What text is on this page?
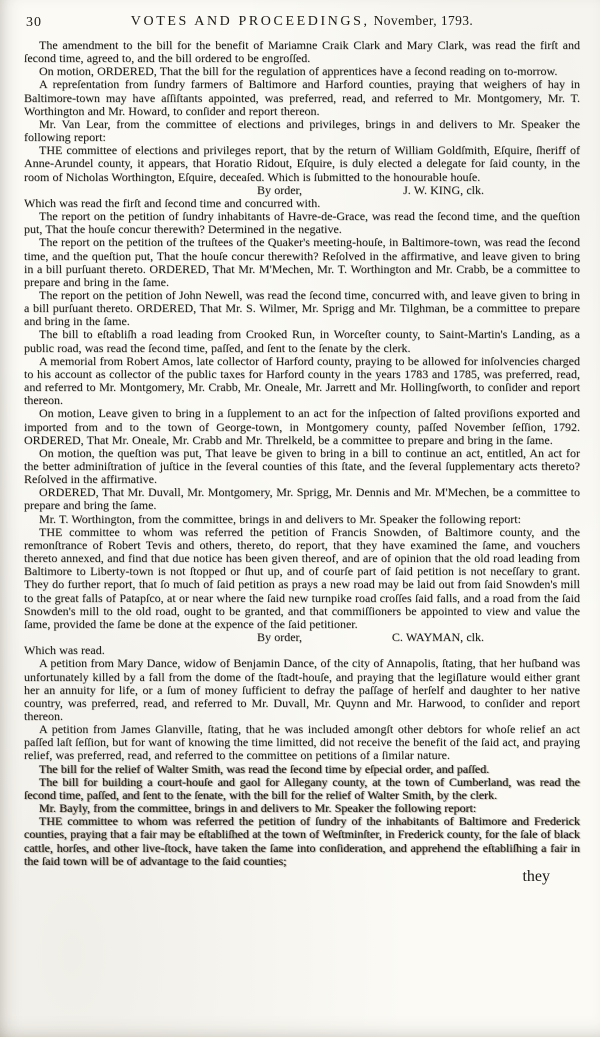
30	VOTES AND PROCEEDINGS, November, 1793.

The amendment to the bill for the benefit of Mariamne Craik Clark and Mary Clark, was read the firſt and ſecond time, agreed to, and the bill ordered to be engroſſed.

On motion, ORDERED, That the bill for the regulation of apprentices have a ſecond reading on to-morrow.

A repreſentation from ſundry farmers of Baltimore and Harford counties, praying that weighers of hay in Baltimore-town may have aſſiſtants appointed, was preferred, read, and referred to Mr. Montgomery, Mr. T. Worthington and Mr. Howard, to conſider and report thereon.

Mr. Van Lear, from the committee of elections and privileges, brings in and delivers to Mr. Speaker the following report:

THE committee of elections and privileges report, that by the return of William Goldſmith, Eſquire, ſheriff of Anne-Arundel county, it appears, that Horatio Ridout, Eſquire, is duly elected a delegate for ſaid county, in the room of Nicholas Worthington, Eſquire, deceaſed. Which is ſubmitted to the honourable houſe.

By order,	J. W. KING, clk.

Which was read the firſt and ſecond time and concurred with.

The report on the petition of ſundry inhabitants of Havre-de-Grace, was read the ſecond time, and the queſtion put, That the houſe concur therewith? Determined in the negative.

The report on the petition of the truſtees of the Quaker's meeting-houſe, in Baltimore-town, was read the ſecond time, and the queſtion put, That the houſe concur therewith? Reſolved in the affirmative, and leave given to bring in a bill purſuant thereto. ORDERED, That Mr. M'Mechen, Mr. T. Worthington and Mr. Crabb, be a committee to prepare and bring in the ſame.

The report on the petition of John Newell, was read the ſecond time, concurred with, and leave given to bring in a bill purſuant thereto. ORDERED, That Mr. S. Wilmer, Mr. Sprigg and Mr. Tilghman, be a committee to prepare and bring in the ſame.

The bill to eſtabliſh a road leading from Crooked Run, in Worceſter county, to Saint-Martin's Landing, as a public road, was read the ſecond time, paſſed, and ſent to the ſenate by the clerk.

A memorial from Robert Amos, late collector of Harford county, praying to be allowed for inſolvencies charged to his account as collector of the public taxes for Harford county in the years 1783 and 1785, was preferred, read, and referred to Mr. Montgomery, Mr. Crabb, Mr. Oneale, Mr. Jarrett and Mr. Hollingſworth, to conſider and report thereon.

On motion, Leave given to bring in a ſupplement to an act for the inſpection of ſalted proviſions exported and imported from and to the town of George-town, in Montgomery county, paſſed November ſeſſion, 1792. ORDERED, That Mr. Oneale, Mr. Crabb and Mr. Threlkeld, be a committee to prepare and bring in the ſame.

On motion, the queſtion was put, That leave be given to bring in a bill to continue an act, entitled, An act for the better adminiſtration of juſtice in the ſeveral counties of this ſtate, and the ſeveral ſupplementary acts thereto? Reſolved in the affirmative.

ORDERED, That Mr. Duvall, Mr. Montgomery, Mr. Sprigg, Mr. Dennis and Mr. M'Mechen, be a committee to prepare and bring the ſame.

Mr. T. Worthington, from the committee, brings in and delivers to Mr. Speaker the following report:

THE committee to whom was referred the petition of Francis Snowden, of Baltimore county, and the remonſtrance of Robert Tevis and others, thereto, do report, that they have examined the ſame, and vouchers thereto annexed, and find that due notice has been given thereof, and are of opinion that the old road leading from Baltimore to Liberty-town is not ſtopped or ſhut up, and of courſe part of ſaid petition is not neceſſary to grant. They do further report, that ſo much of ſaid petition as prays a new road may be laid out from ſaid Snowden's mill to the great falls of Patapſco, at or near where the ſaid new turnpike road croſſes ſaid falls, and a road from the ſaid Snowden's mill to the old road, ought to be granted, and that commiſſioners be appointed to view and value the ſame, provided the ſame be done at the expence of the ſaid petitioner.

By order,	C. WAYMAN, clk.

Which was read.

A petition from Mary Dance, widow of Benjamin Dance, of the city of Annapolis, ſtating, that her huſband was unfortunately killed by a fall from the dome of the ſtadt-houſe, and praying that the legiſlature would either grant her an annuity for life, or a ſum of money ſufficient to defray the paſſage of herſelf and daughter to her native country, was preferred, read, and referred to Mr. Duvall, Mr. Quynn and Mr. Harwood, to conſider and report thereon.

A petition from James Glanville, ſtating, that he was included amongſt other debtors for whoſe relief an act paſſed laſt ſeſſion, but for want of knowing the time limitted, did not receive the benefit of the ſaid act, and praying relief, was preferred, read, and referred to the committee on petitions of a ſimilar nature.

The bill for the relief of Walter Smith, was read the ſecond time by eſpecial order, and paſſed.

The bill for building a court-houſe and gaol for Allegany county, at the town of Cumberland, was read the ſecond time, paſſed, and ſent to the ſenate, with the bill for the relief of Walter Smith, by the clerk.

Mr. Bayly, from the committee, brings in and delivers to Mr. Speaker the following report:

THE committee to whom was referred the petition of ſundry of the inhabitants of Baltimore and Frederick counties, praying that a fair may be eſtabliſhed at the town of Weſtminſter, in Frederick county, for the ſale of black cattle, horſes, and other live-ſtock, have taken the ſame into conſideration, and apprehend the eſtabliſhing a fair in the ſaid town will be of advantage to the ſaid counties;

they
